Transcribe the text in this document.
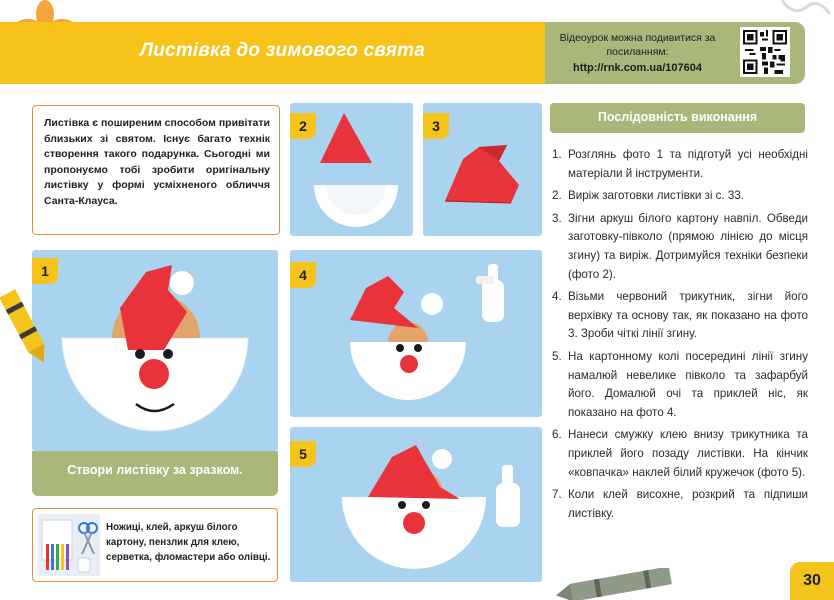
Листівка до зимового свята
Відеоурок можна подивитися за посиланням:
http://rnk.com.ua/107604
Листівка є поширеним способом привітати близьких зі святом. Існує багато технік створення такого подарунка. Сьогодні ми пропонуємо тобі зробити оригінальну листівку у формі усміхненого обличчя Санта-Клауса.
1
Створи листівку за зразком.
Ножиці, клей, аркуш білого картону, пензлик для клею, серветка, фломастери або олівці.
2	3
4
5
Послідовність виконання
1. Розглянь фото 1 та підготуй усі необхідні матеріали й інструменти.
2. Виріж заготовки листівки зі с. 33.
3. Зігни аркуш білого картону навпіл. Обведи заготовку-півколо (прямою лінією до місця згину) та виріж. Дотримуйся техніки безпеки (фото 2).
4. Візьми червоний трикутник, зігни його верхівку та основу так, як показано на фото 3. Зроби чіткі лінії згину.
5. На картонному колі посередині лінії згину намалюй невелике півколо та зафарбуй його. Домалюй очі та приклей ніс, як показано на фото 4.
6. Нанеси смужку клею внизу трикутника та приклей його позаду листівки. На кінчик «ковпачка» наклей білий кружечок (фото 5).
7. Коли клей висохне, розкрий та підпиши листівку.
30
